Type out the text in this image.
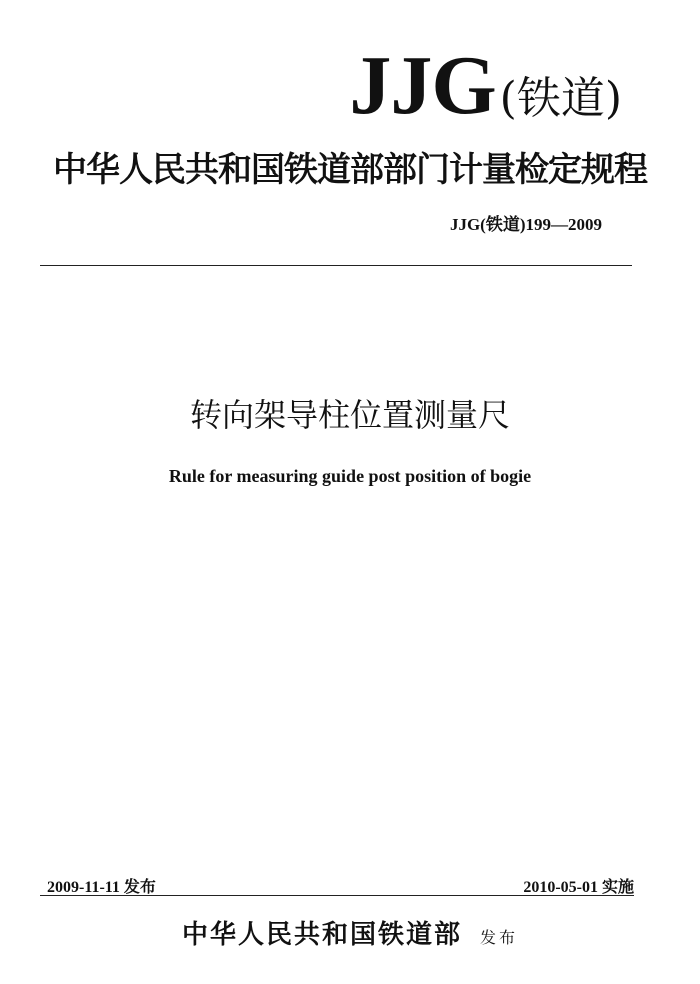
JJG (铁道)
中华人民共和国铁道部部门计量检定规程
JJG(铁道)199—2009
转向架导柱位置测量尺
Rule for measuring guide post position of bogie
2009-11-11 发布	2010-05-01 实施
中华人民共和国铁道部 发布
